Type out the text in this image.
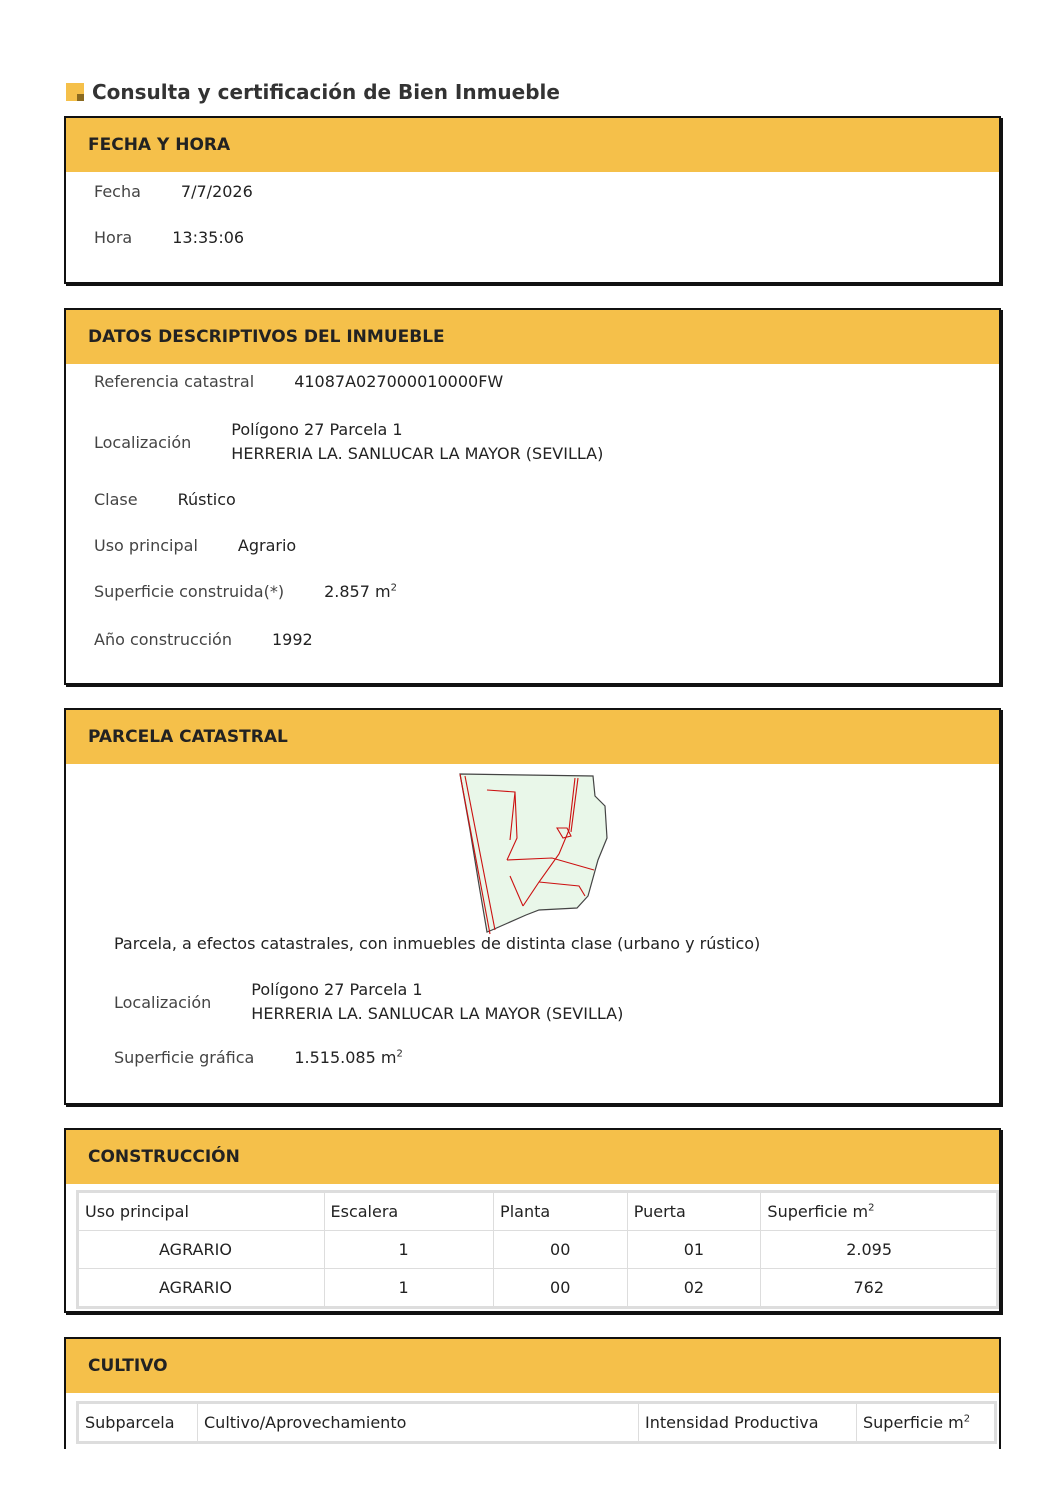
Consulta y certificación de Bien Inmueble
FECHA Y HORA
Fecha	7/7/2026
Hora	13:35:06
DATOS DESCRIPTIVOS DEL INMUEBLE
Referencia catastral	41087A027000010000FW
Localización
Polígono 27 Parcela 1
HERRERIA LA. SANLUCAR LA MAYOR (SEVILLA)
Clase	Rústico
Uso principal	Agrario
Superficie construida(*)	2.857 $m^2$
Año construcción	1992
PARCELA CATASTRAL
Parcela, a efectos catastrales, con inmuebles de distinta clase (urbano y rústico)
Localización
Polígono 27 Parcela 1
HERRERIA LA. SANLUCAR LA MAYOR (SEVILLA)
Superficie gráfica	1.515.085 $m^2$
CONSTRUCCIÓN
Uso principal	Escalera	Planta	Puerta	Superficie $m^2$
AGRARIO	1	00	01	2.095
AGRARIO	1	00	02	762
CULTIVO
Subparcela	Cultivo/Aprovechamiento	Intensidad Productiva	Superficie $m^2$
